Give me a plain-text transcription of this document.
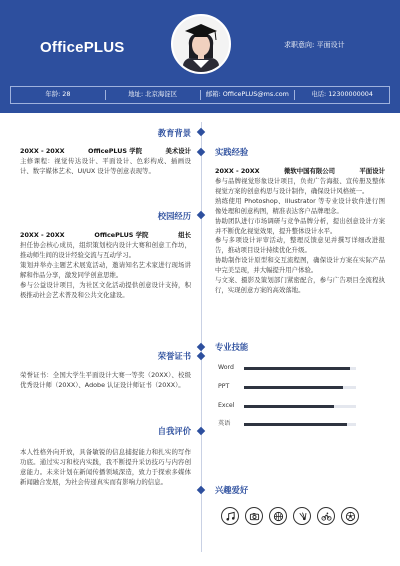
OfficePLUS	求职意向: 平面设计
年龄: 28	地址: 北京海淀区	邮箱: OfficePLUS@ms.com	电话: 12300000004
教育背景
20XX - 20XX	OfficePLUS 学院	美术设计

主修课程：视觉传达设计、平面设计、色彩构成、插画设计、数字媒体艺术、UI/UX 设计等创意表现等。

校园经历
20XX - 20XX	OfficePLUS 学院	组长

担任协会核心成员，组织策划校内设计大赛和创意工作坊，推动师生间的设计经验交流与互动学习。

策划并举办主题艺术展览活动，邀请知名艺术家进行现场讲解和作品分享，激发同学创意思维。

参与公益设计项目，为社区文化活动提供创意设计支持，积极推动社会艺术普及和公共文化建设。

荣誉证书

荣誉证书：全国大学生平面设计大赛一等奖（20XX）、校级优秀设计师（20XX）、Adobe 认证设计师证书（20XX）。

自我评价

本人性格外向开放，具备敏锐的信息捕捉能力和扎实的写作功底。通过实习和校内实践，我不断提升采访技巧与内容创意能力。未来计划在新闻传播领域深造，致力于探索多媒体新闻融合发展，为社会传递真实而有影响力的信息。

实践经验
20XX - 20XX	微软中国有限公司	平面设计

参与品牌视觉形象设计项目，负责广告海报、宣传册及整体视觉方案的创意构思与设计制作，确保设计风格统一。

熟练使用 Photoshop、Illustrator 等专业设计软件进行图像处理和创意构图，精准表达客户品牌理念。

协助团队进行市场调研与竞争品牌分析，提出创意设计方案并不断优化视觉效果，提升整体设计水平。

参与多项设计评审活动，整理反馈意见并撰写详细改进报告，推动项目设计持续优化升级。

协助制作设计原型和交互流程图，确保设计方案在实际产品中完美呈现，并大幅提升用户体验。

与文案、摄影及策划部门紧密配合，参与广告项目全流程执行，实现创意方案的高效落地。

专业技能
Word
PPT
Excel
英语
兴趣爱好
